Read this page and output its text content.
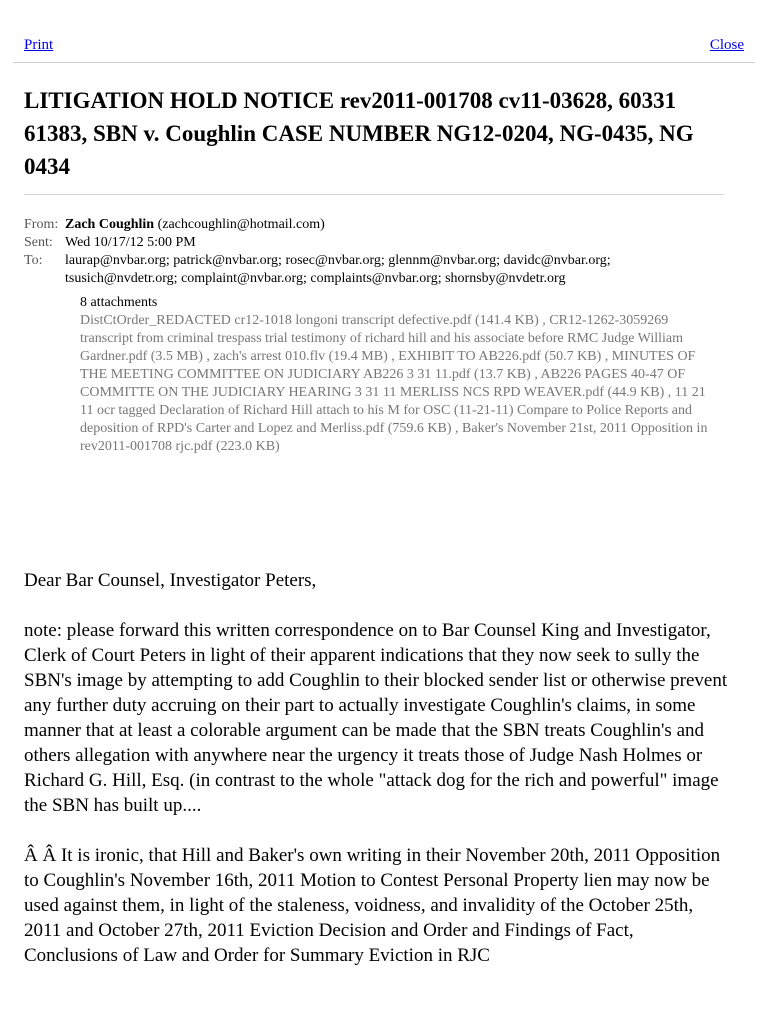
Print	Close
LITIGATION HOLD NOTICE rev2011-001708 cv11-03628, 60331 61383, SBN v. Coughlin CASE NUMBER NG12-0204, NG-0435, NG 0434
From: Zach Coughlin (zachcoughlin@hotmail.com)
Sent: Wed 10/17/12 5:00 PM
To:	laurap@nvbar.org; patrick@nvbar.org; rosec@nvbar.org; glennm@nvbar.org; davidc@nvbar.org; tsusich@nvdetr.org; complaint@nvbar.org; complaints@nvbar.org; shornsby@nvdetr.org
8 attachments
DistCtOrder_REDACTED cr12-1018 longoni transcript defective.pdf (141.4 KB) , CR12-1262-3059269 transcript from criminal trespass trial testimony of richard hill and his associate before RMC Judge William Gardner.pdf (3.5 MB) , zach's arrest 010.flv (19.4 MB) , EXHIBIT TO AB226.pdf (50.7 KB) , MINUTES OF THE MEETING COMMITTEE ON JUDICIARY AB226 3 31 11.pdf (13.7 KB) , AB226 PAGES 40-47 OF COMMITTE ON THE JUDICIARY HEARING 3 31 11 MERLISS NCS RPD WEAVER.pdf (44.9 KB) , 11 21 11 ocr tagged Declaration of Richard Hill attach to his M for OSC (11-21-11) Compare to Police Reports and deposition of RPD's Carter and Lopez and Merliss.pdf (759.6 KB) , Baker's November 21st, 2011 Opposition in rev2011-001708 rjc.pdf (223.0 KB)

Dear Bar Counsel, Investigator Peters,

note: please forward this written correspondence on to Bar Counsel King and Investigator, Clerk of Court Peters in light of their apparent indications that they now seek to sully the SBN's image by attempting to add Coughlin to their blocked sender list or otherwise prevent any further duty accruing on their part to actually investigate Coughlin's claims, in some manner that at least a colorable argument can be made that the SBN treats Coughlin's and others allegation with anywhere near the urgency it treats those of Judge Nash Holmes or Richard G. Hill, Esq. (in contrast to the whole "attack dog for the rich and powerful" image the SBN has built up....

Â Â It is ironic, that Hill and Baker's own writing in their November 20th, 2011 Opposition to Coughlin's November 16th, 2011 Motion to Contest Personal Property lien may now be used against them, in light of the staleness, voidness, and invalidity of the October 25th, 2011 and October 27th, 2011 Eviction Decision and Order and Findings of Fact, Conclusions of Law and Order for Summary Eviction in RJC
